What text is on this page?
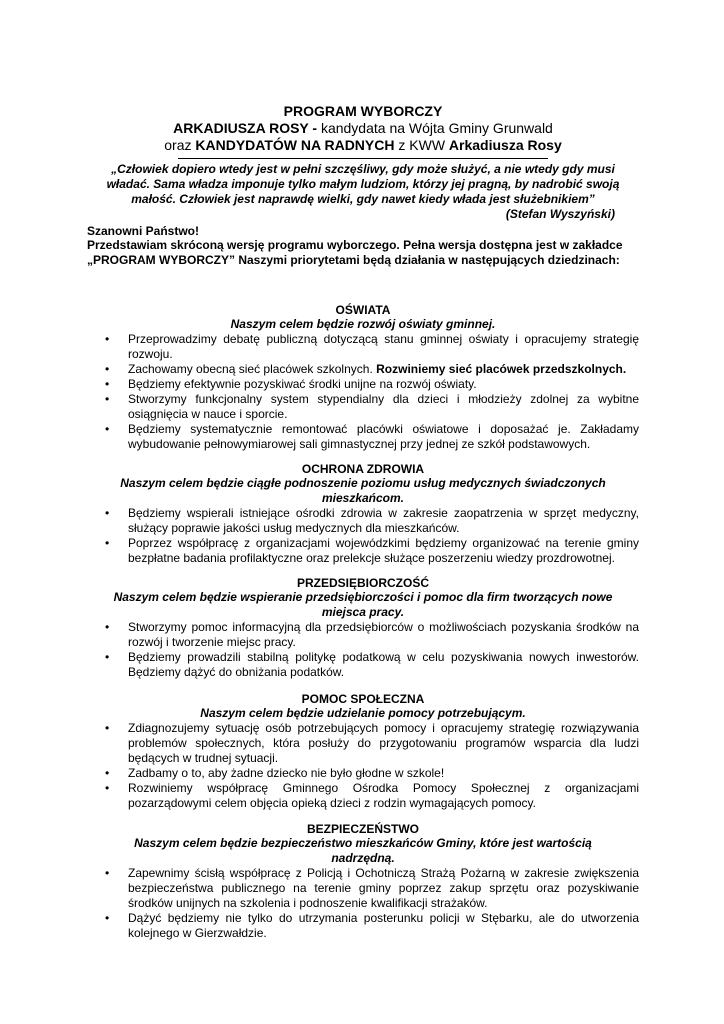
PROGRAM WYBORCZY
ARKADIUSZA ROSY - kandydata na Wójta Gminy Grunwald
oraz KANDYDATÓW NA RADNYCH z KWW Arkadiusza Rosy
„Człowiek dopiero wtedy jest w pełni szczęśliwy, gdy może służyć, a nie wtedy gdy musi władać. Sama władza imponuje tylko małym ludziom, którzy jej pragną, by nadrobić swoją małość. Człowiek jest naprawdę wielki, gdy nawet kiedy włada jest służebnikiem”
(Stefan Wyszyński)
Szanowni Państwo!
Przedstawiam skróconą wersję programu wyborczego. Pełna wersja dostępna jest w zakładce „PROGRAM WYBORCZY” Naszymi priorytetami będą działania w następujących dziedzinach:
OŚWIATA
Naszym celem będzie rozwój oświaty gminnej.
• Przeprowadzimy debatę publiczną dotyczącą stanu gminnej oświaty i opracujemy strategię rozwoju.
• Zachowamy obecną sieć placówek szkolnych. Rozwiniemy sieć placówek przedszkolnych.
• Będziemy efektywnie pozyskiwać środki unijne na rozwój oświaty.
• Stworzymy funkcjonalny system stypendialny dla dzieci i młodzieży zdolnej za wybitne osiągnięcia w nauce i sporcie.
• Będziemy systematycznie remontować placówki oświatowe i doposażać je. Zakładamy wybudowanie pełnowymiarowej sali gimnastycznej przy jednej ze szkół podstawowych.
OCHRONA ZDROWIA
Naszym celem będzie ciągłe podnoszenie poziomu usług medycznych świadczonych mieszkańcom.
• Będziemy wspierali istniejące ośrodki zdrowia w zakresie zaopatrzenia w sprzęt medyczny, służący poprawie jakości usług medycznych dla mieszkańców.
• Poprzez współpracę z organizacjami wojewódzkimi będziemy organizować na terenie gminy bezpłatne badania profilaktyczne oraz prelekcje służące poszerzeniu wiedzy prozdrowotnej.
PRZEDSIĘBIORCZOŚĆ
Naszym celem będzie wspieranie przedsiębiorczości i pomoc dla firm tworzących nowe miejsca pracy.
• Stworzymy pomoc informacyjną dla przedsiębiorców o możliwościach pozyskania środków na rozwój i tworzenie miejsc pracy.
• Będziemy prowadzili stabilną politykę podatkową w celu pozyskiwania nowych inwestorów. Będziemy dążyć do obniżania podatków.
POMOC SPOŁECZNA
Naszym celem będzie udzielanie pomocy potrzebującym.
• Zdiagnozujemy sytuację osób potrzebujących pomocy i opracujemy strategię rozwiązywania problemów społecznych, która posłuży do przygotowaniu programów wsparcia dla ludzi będących w trudnej sytuacji.
• Zadbamy o to, aby żadne dziecko nie było głodne w szkole!
• Rozwiniemy współpracę Gminnego Ośrodka Pomocy Społecznej z organizacjami pozarządowymi celem objęcia opieką dzieci z rodzin wymagających pomocy.
BEZPIECZEŃSTWO
Naszym celem będzie bezpieczeństwo mieszkańców Gminy, które jest wartością nadrzędną.
• Zapewnimy ścisłą współpracę z Policją i Ochotniczą Strażą Pożarną w zakresie zwiększenia bezpieczeństwa publicznego na terenie gminy poprzez zakup sprzętu oraz pozyskiwanie środków unijnych na szkolenia i podnoszenie kwalifikacji strażaków.
• Dążyć będziemy nie tylko do utrzymania posterunku policji w Stębarku, ale do utworzenia kolejnego w Gierzwałdzie.
